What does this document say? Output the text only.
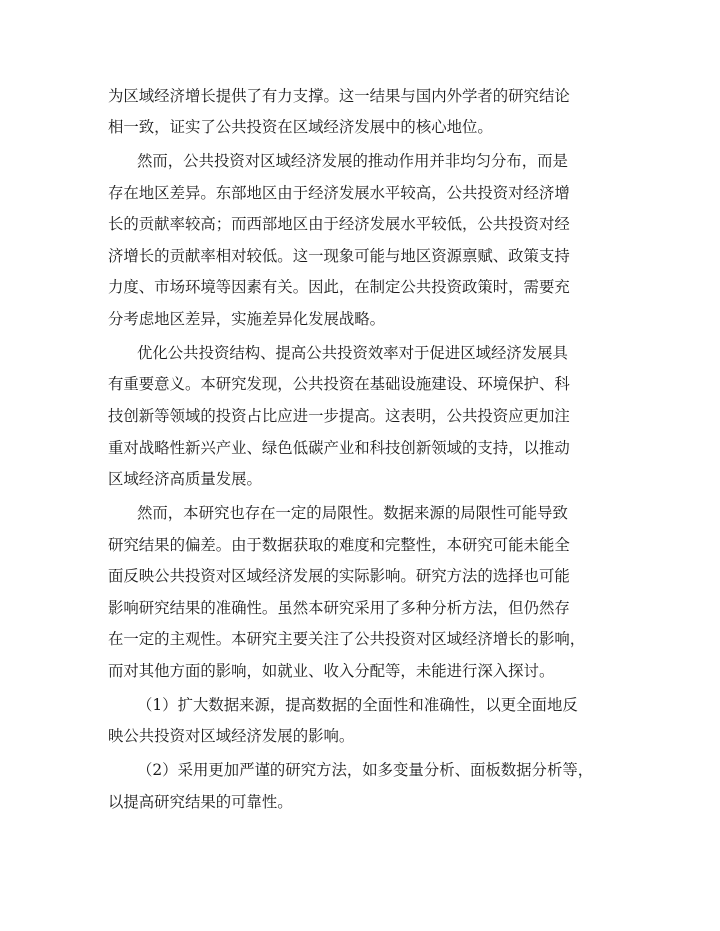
为区域经济增长提供了有力支撑。这一结果与国内外学者的研究结论
相一致，证实了公共投资在区域经济发展中的核心地位。
然而，公共投资对区域经济发展的推动作用并非均匀分布，而是
存在地区差异。东部地区由于经济发展水平较高，公共投资对经济增
长的贡献率较高；而西部地区由于经济发展水平较低，公共投资对经
济增长的贡献率相对较低。这一现象可能与地区资源禀赋、政策支持
力度、市场环境等因素有关。因此，在制定公共投资政策时，需要充
分考虑地区差异，实施差异化发展战略。
优化公共投资结构、提高公共投资效率对于促进区域经济发展具
有重要意义。本研究发现，公共投资在基础设施建设、环境保护、科
技创新等领域的投资占比应进一步提高。这表明，公共投资应更加注
重对战略性新兴产业、绿色低碳产业和科技创新领域的支持，以推动
区域经济高质量发展。
然而，本研究也存在一定的局限性。数据来源的局限性可能导致
研究结果的偏差。由于数据获取的难度和完整性，本研究可能未能全
面反映公共投资对区域经济发展的实际影响。研究方法的选择也可能
影响研究结果的准确性。虽然本研究采用了多种分析方法，但仍然存
在一定的主观性。本研究主要关注了公共投资对区域经济增长的影响，
而对其他方面的影响，如就业、收入分配等，未能进行深入探讨。
（1）扩大数据来源，提高数据的全面性和准确性，以更全面地反
映公共投资对区域经济发展的影响。
（2）采用更加严谨的研究方法，如多变量分析、面板数据分析等，
以提高研究结果的可靠性。
